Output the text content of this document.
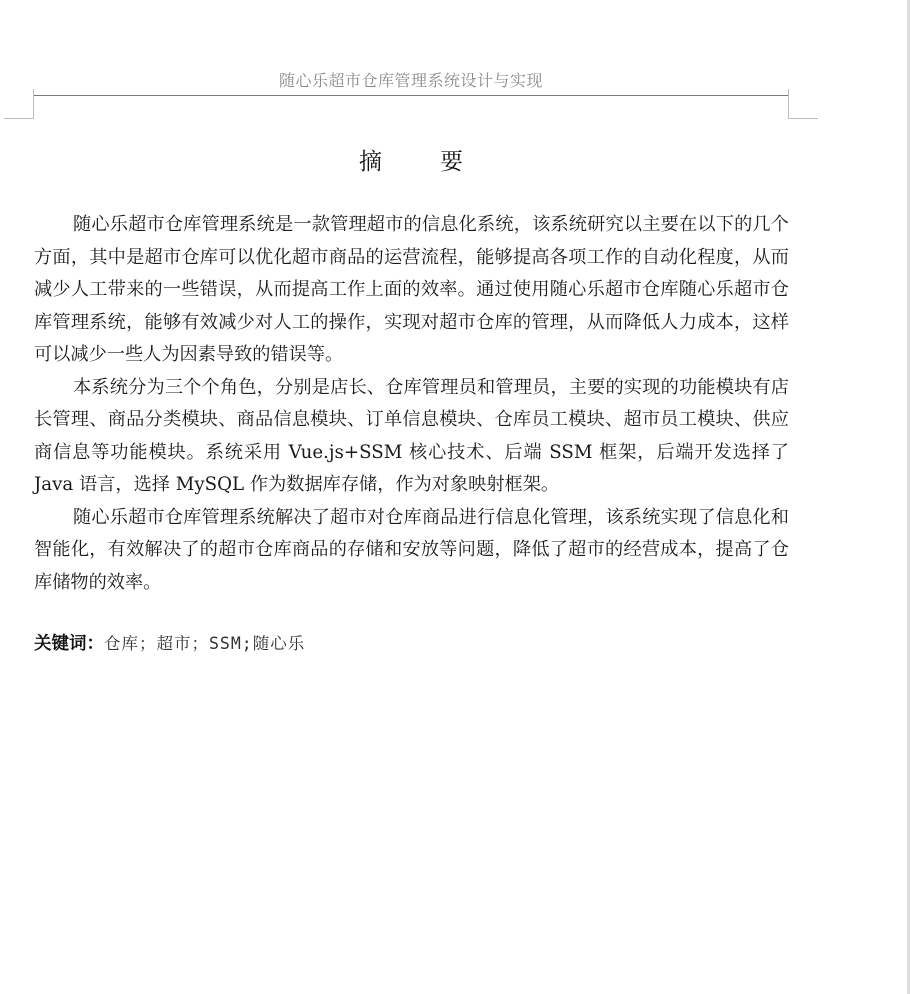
随心乐超市仓库管理系统设计与实现
摘	要

随心乐超市仓库管理系统是一款管理超市的信息化系统，该系统研究以主要在以下的几个方面，其中是超市仓库可以优化超市商品的运营流程，能够提高各项工作的自动化程度，从而减少人工带来的一些错误，从而提高工作上面的效率。通过使用随心乐超市仓库随心乐超市仓库管理系统，能够有效减少对人工的操作，实现对超市仓库的管理，从而降低人力成本，这样可以减少一些人为因素导致的错误等。

本系统分为三个个角色，分别是店长、仓库管理员和管理员，主要的实现的功能模块有店长管理、商品分类模块、商品信息模块、订单信息模块、仓库员工模块、超市员工模块、供应商信息等功能模块。系统采用 Vue.js+SSM 核心技术、后端 SSM 框架，后端开发选择了 Java 语言，选择 MySQL 作为数据库存储，作为对象映射框架。

随心乐超市仓库管理系统解决了超市对仓库商品进行信息化管理，该系统实现了信息化和智能化，有效解决了的超市仓库商品的存储和安放等问题，降低了超市的经营成本，提高了仓库储物的效率。

关键词：仓库；超市；SSM;随心乐
